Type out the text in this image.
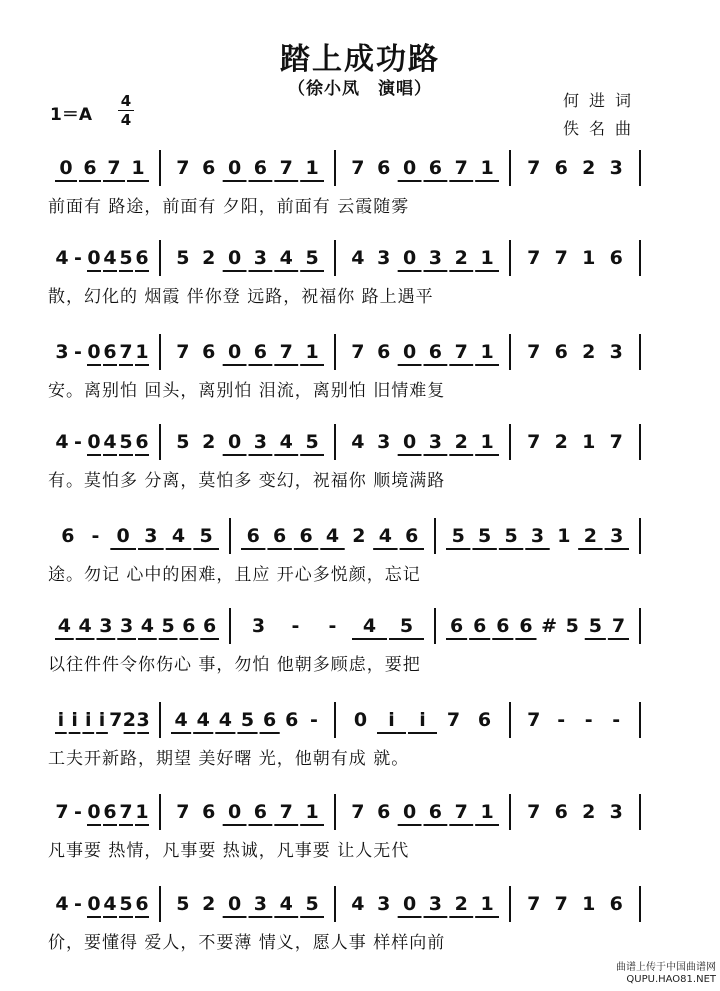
踏上成功路
（徐小凤　演唱）
1＝A
4
4
何进词
佚名曲
0 6 7 1 7 6 0 6 7 1 7 6 0 6 7 1 7 6 2 3
4 - 0 4 5 6 5 2 0 3 4 5 4 3 0 3 2 1 7 7 1 6
3 - 0 6 7 1 7 6 0 6 7 1 7 6 0 6 7 1 7 6 2 3
4 - 0 4 5 6 5 2 0 3 4 5 4 3 0 3 2 1 7 2 1 7
6 - 0 3 4 5 6 6 6 4 2 4 6 5 5 5 3 1 2 3
4 4 3 3 4 5 6 6 3 - - 4 5 6 6 6 6 # 5 5 7
i i i i 7 2 3 4 4 4 5 6 6 - 0 i i 7 6 7 - - -
7 - 0 6 7 1 7 6 0 6 7 1 7 6 0 6 7 1 7 6 2 3
4 - 0 4 5 6 5 2 0 3 4 5 4 3 0 3 2 1 7 7 1 6
前面有 路途，前面有 夕阳，前面有 云霞随雾
散，幻化的 烟霞 伴你登 远路，祝福你 路上遇平
安。离别怕 回头，离别怕 泪流，离别怕 旧情难复
有。莫怕多 分离，莫怕多 变幻，祝福你 顺境满路
途。勿记 心中的困难，且应 开心多悦颜，忘记
以往件件令你伤心 事，勿怕 他朝多顾虑，要把
工夫开新路，期望 美好曙 光，他朝有成 就。
凡事要 热情，凡事要 热诚，凡事要 让人无代
价，要懂得 爱人，不要薄 情义，愿人事 样样向前
曲谱上传于中国曲谱网
QUPU.HAO81.NET
